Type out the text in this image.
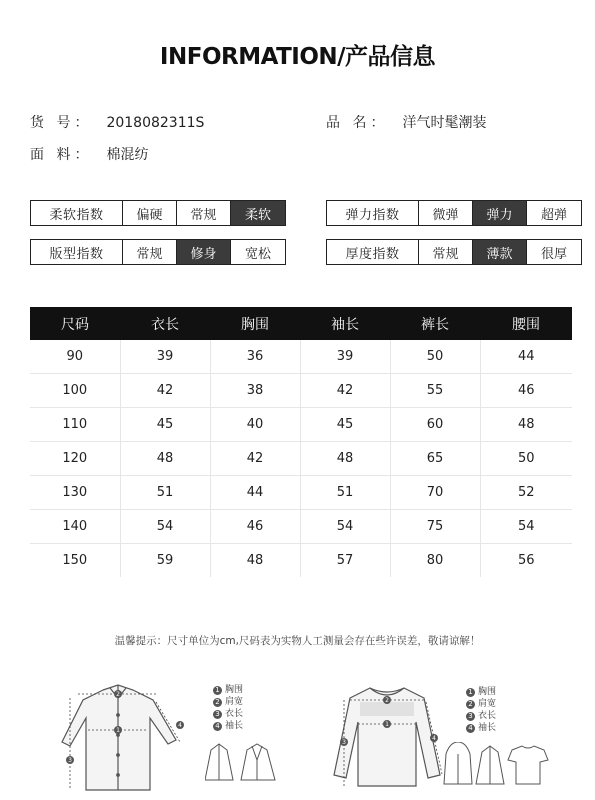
INFORMATION/产品信息
货 号： 2018082311S	品 名： 洋气时髦潮装
面 料： 棉混纺
柔软指数	偏硬	常规	柔软	弹力指数	微弹	弹力	超弹
版型指数	常规	修身	宽松	厚度指数	常规	薄款	很厚
尺码	衣长	胸围	袖长	裤长	腰围
90	39	36	39	50	44
100	42	38	42	55	46
110	45	40	45	60	48
120	48	42	48	65	50
130	51	44	51	70	52
140	54	46	54	75	54
150	59	48	57	80	56
温馨提示：尺寸单位为cm,尺码表为实物人工测量会存在些许误差，敬请谅解！
1
2
3
4
1 胸围
2 肩宽
3 衣长
4 袖长	1
2
3
4
1 胸围
2 肩宽
3 衣长
4 袖长
